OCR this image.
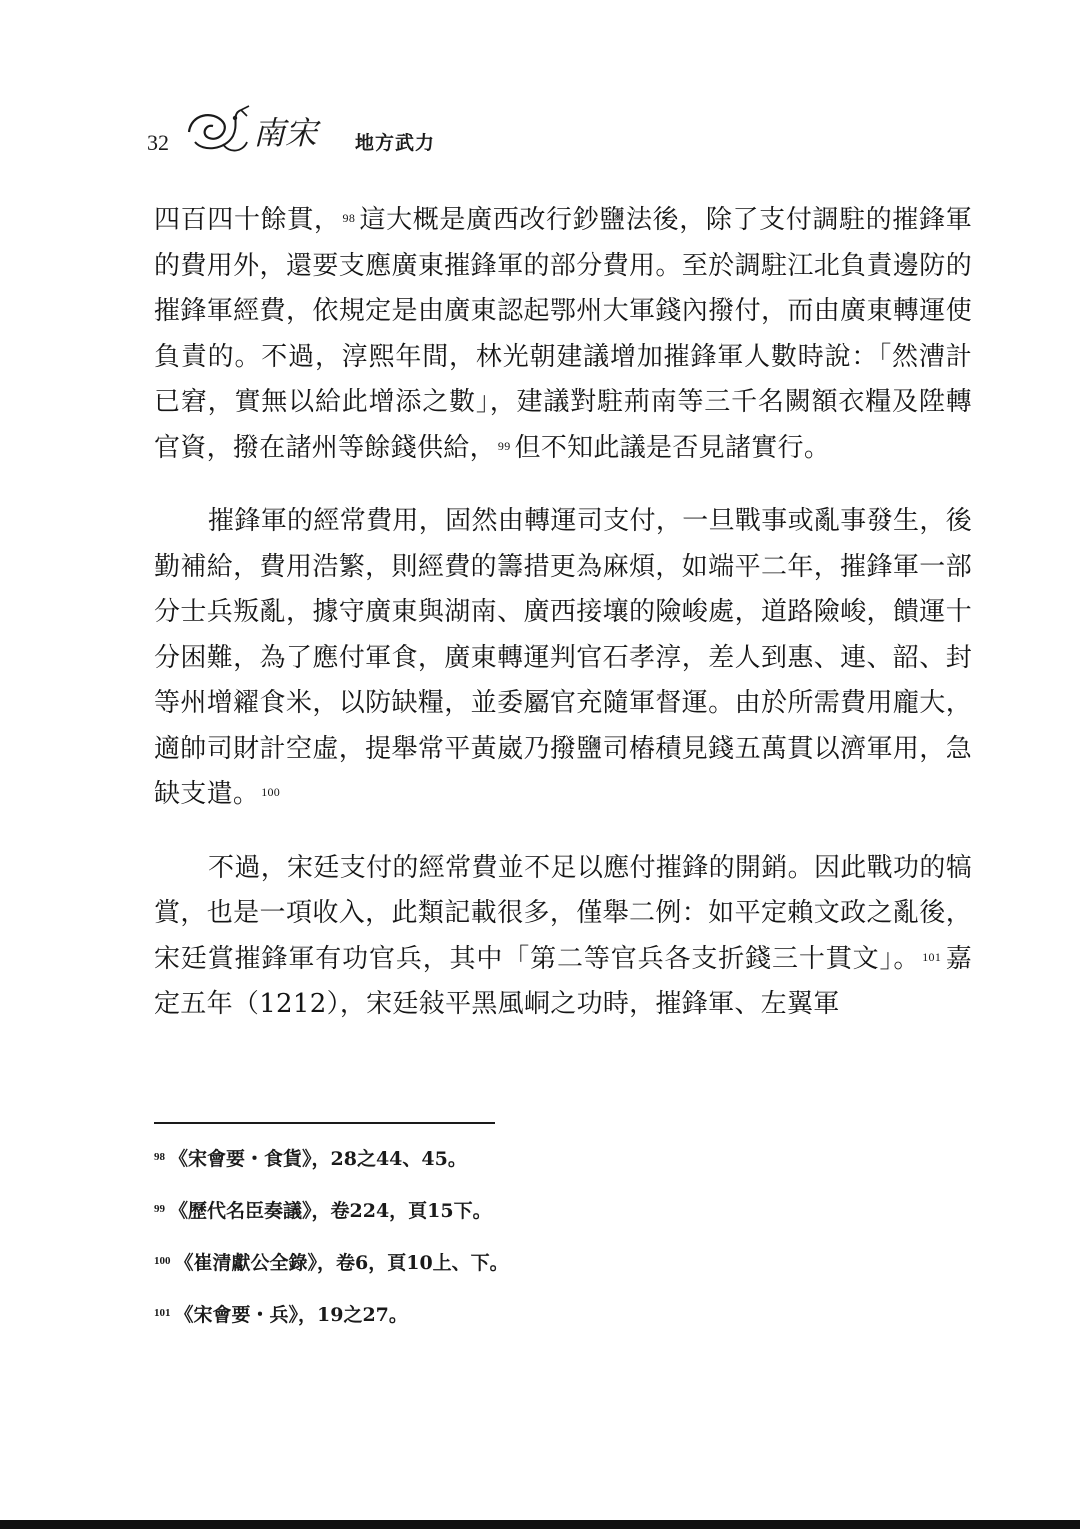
32	南宋 地方武力

四百四十餘貫， $^{98}$ 這大概是廣西改行鈔鹽法後，除了支付調駐的摧鋒軍的費用外，還要支應廣東摧鋒軍的部分費用。至於調駐江北負責邊防的摧鋒軍經費，依規定是由廣東認起鄂州大軍錢內撥付，而由廣東轉運使負責的。不過，淳熙年間，林光朝建議增加摧鋒軍人數時說：「然漕計已窘，實無以給此增添之數」，建議對駐荊南等三千名闕額衣糧及陞轉官資，撥在諸州等餘錢供給， $^{99}$ 但不知此議是否見諸實行。

摧鋒軍的經常費用，固然由轉運司支付，一旦戰事或亂事發生，後勤補給，費用浩繁，則經費的籌措更為麻煩，如端平二年，摧鋒軍一部分士兵叛亂，據守廣東與湖南、廣西接壤的險峻處，道路險峻，饋運十分困難，為了應付軍食，廣東轉運判官石孝淳，差人到惠、連、韶、封等州增糴食米，以防缺糧，並委屬官充隨軍督運。由於所需費用龐大，適帥司財計空虛，提舉常平黃崴乃撥鹽司樁積見錢五萬貫以濟軍用，急缺支遣。 $^{100}$

不過，宋廷支付的經常費並不足以應付摧鋒的開銷。因此戰功的犒賞，也是一項收入，此類記載很多，僅舉二例：如平定賴文政之亂後，宋廷賞摧鋒軍有功官兵，其中「第二等官兵各支折錢三十貫文」。 $^{101}$ 嘉定五年（1212），宋廷敍平黑風峒之功時，摧鋒軍、左翼軍

$^{98}$ 《宋會要・食貨》，28之44、45。
$^{99}$ 《歷代名臣奏議》，卷224，頁15下。
$^{100}$ 《崔清獻公全錄》，卷6，頁10上、下。
$^{101}$ 《宋會要・兵》，19之27。
